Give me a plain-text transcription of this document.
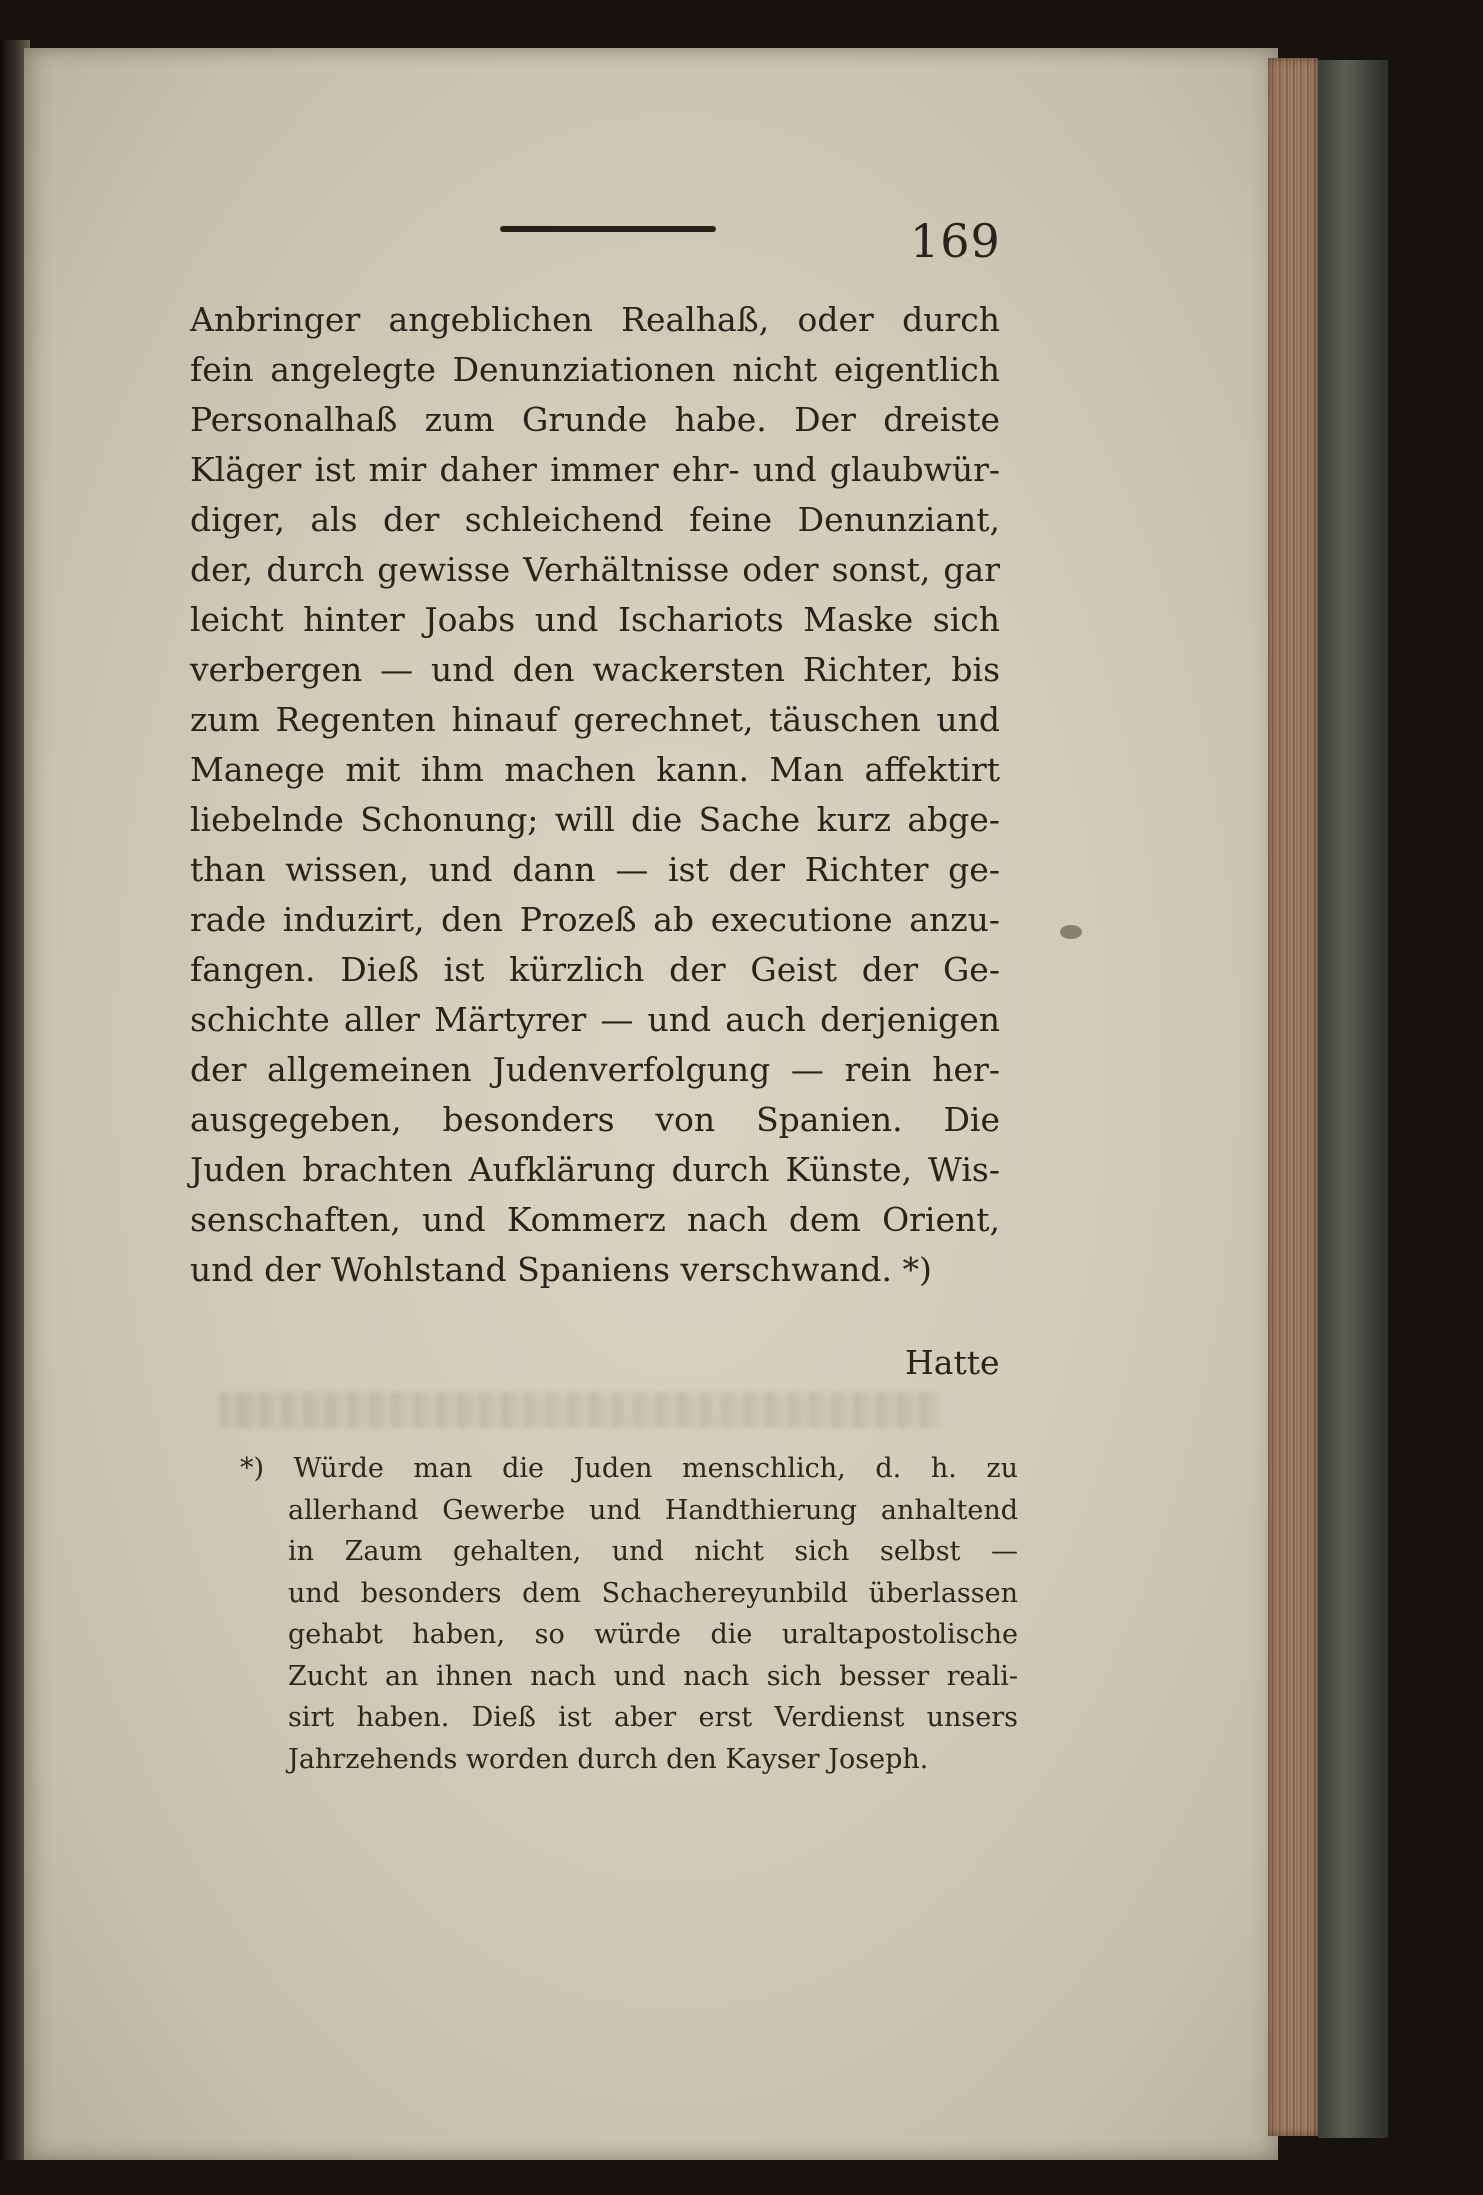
169
Anbringer angeblichen Realhaß, oder durch
fein angelegte Denunziationen nicht eigentlich
Personalhaß zum Grunde habe. Der dreiste
Kläger ist mir daher immer ehr- und glaubwür-
diger, als der schleichend feine Denunziant,
der, durch gewisse Verhältnisse oder sonst, gar
leicht hinter Joabs und Ischariots Maske sich
verbergen — und den wackersten Richter, bis
zum Regenten hinauf gerechnet, täuschen und
Manege mit ihm machen kann. Man affektirt
liebelnde Schonung; will die Sache kurz abge-
than wissen, und dann — ist der Richter ge-
rade induzirt, den Prozeß ab executione anzu-
fangen. Dieß ist kürzlich der Geist der Ge-
schichte aller Märtyrer — und auch derjenigen
der allgemeinen Judenverfolgung — rein her-
ausgegeben, besonders von Spanien. Die
Juden brachten Aufklärung durch Künste, Wis-
senschaften, und Kommerz nach dem Orient,
und der Wohlstand Spaniens verschwand. *)
Hatte
*) Würde man die Juden menschlich, d. h. zu
allerhand Gewerbe und Handthierung anhaltend
in Zaum gehalten, und nicht sich selbst —
und besonders dem Schachereyunbild überlassen
gehabt haben, so würde die uraltapostolische
Zucht an ihnen nach und nach sich besser reali-
sirt haben. Dieß ist aber erst Verdienst unsers
Jahrzehends worden durch den Kayser Joseph.
